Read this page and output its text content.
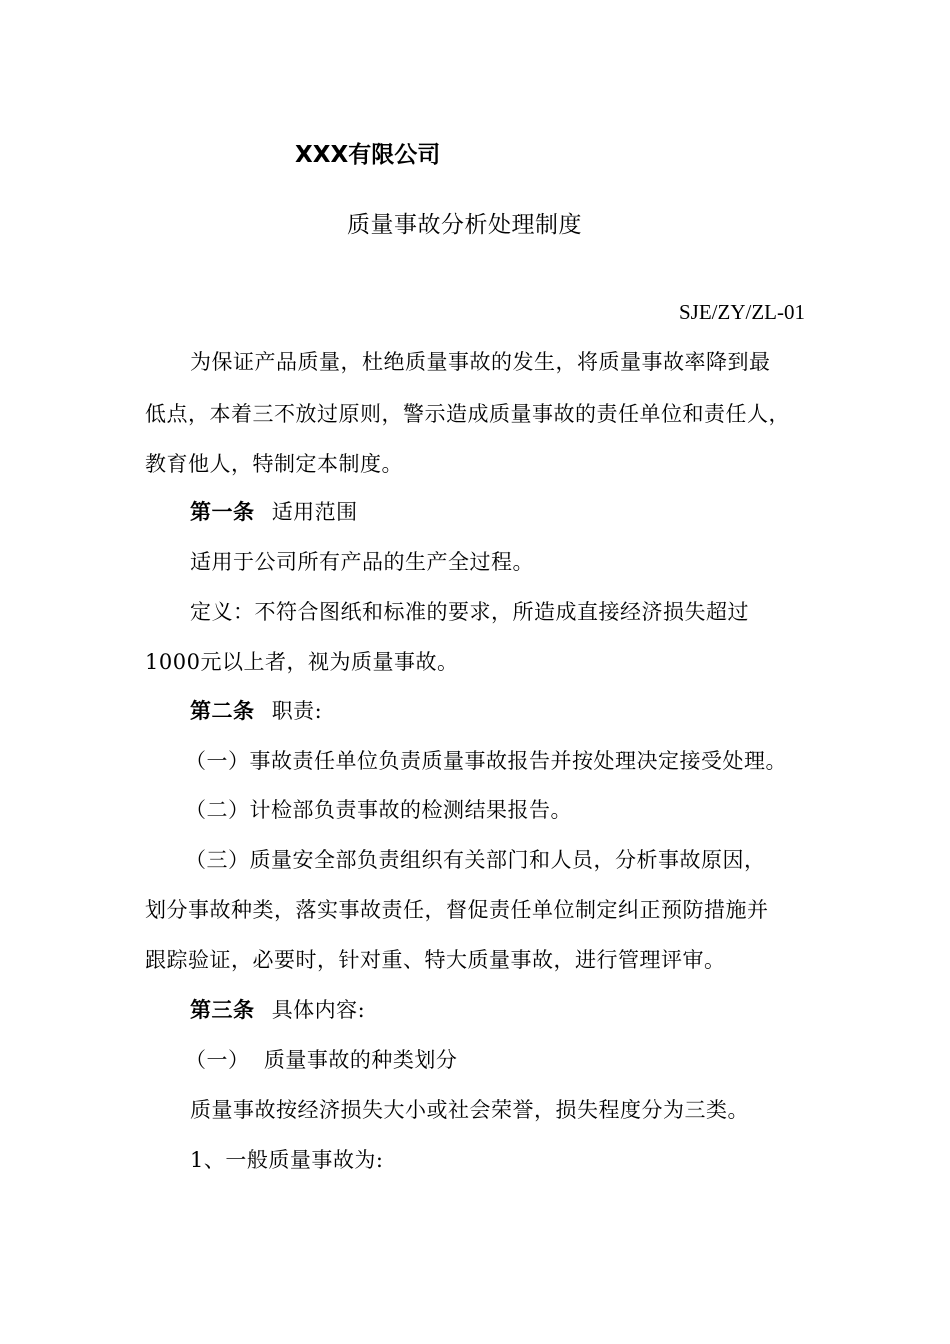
XXX有限公司
质量事故分析处理制度
SJE/ZY/ZL-01
为保证产品质量，杜绝质量事故的发生，将质量事故率降到最
低点，本着三不放过原则，警示造成质量事故的责任单位和责任人，
教育他人，特制定本制度。
第一条 适用范围
适用于公司所有产品的生产全过程。
定义：不符合图纸和标准的要求，所造成直接经济损失超过
1000元以上者，视为质量事故。
第二条 职责:
（一）事故责任单位负责质量事故报告并按处理决定接受处理。
（二）计检部负责事故的检测结果报告。
（三）质量安全部负责组织有关部门和人员，分析事故原因，
划分事故种类，落实事故责任，督促责任单位制定纠正预防措施并
跟踪验证，必要时，针对重、特大质量事故，进行管理评审。
第三条 具体内容:
（一）  质量事故的种类划分
质量事故按经济损失大小或社会荣誉，损失程度分为三类。
1、一般质量事故为:
